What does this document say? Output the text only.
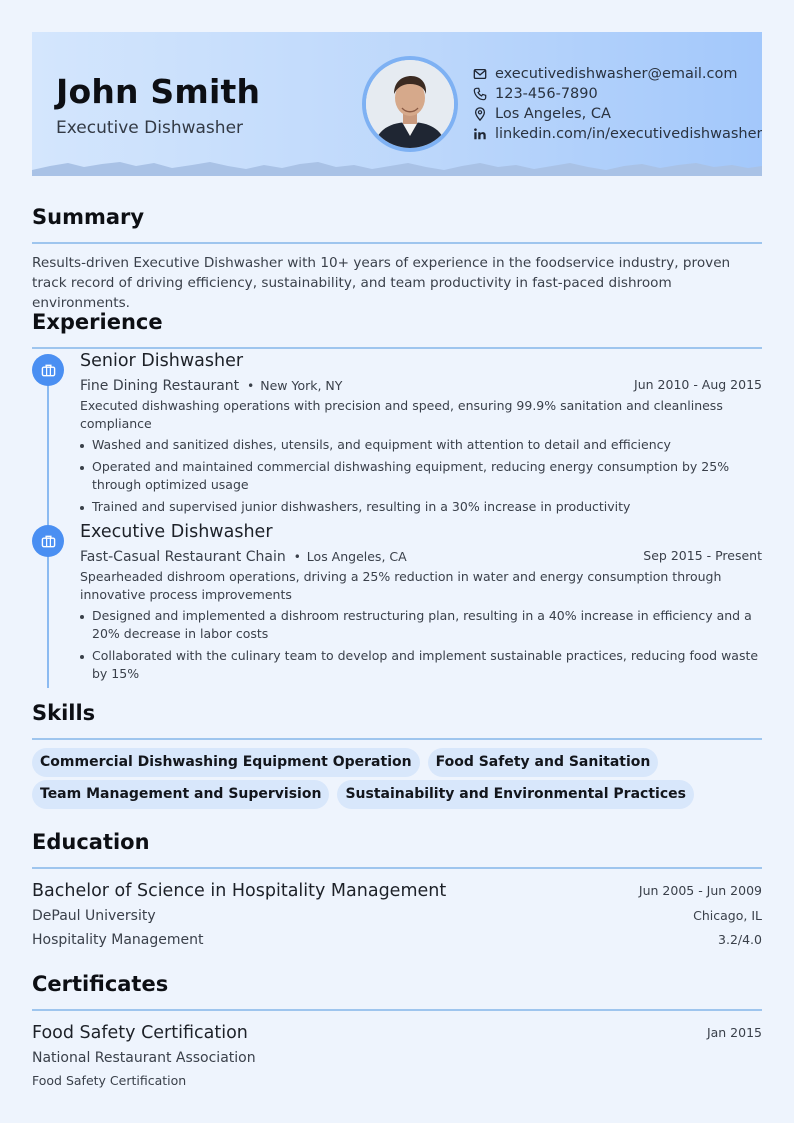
John Smith
Executive Dishwasher
executivedishwasher@email.com
123-456-7890
Los Angeles, CA
linkedin.com/in/executivedishwasher
Summary
Results-driven Executive Dishwasher with 10+ years of experience in the foodservice industry, proven track record of driving efficiency, sustainability, and team productivity in fast-paced dishroom environments.
Experience
Senior Dishwasher
Fine Dining Restaurant • New York, NY	Jun 2010 - Aug 2015
Executed dishwashing operations with precision and speed, ensuring 99.9% sanitation and cleanliness compliance
Washed and sanitized dishes, utensils, and equipment with attention to detail and efficiency
Operated and maintained commercial dishwashing equipment, reducing energy consumption by 25% through optimized usage
Trained and supervised junior dishwashers, resulting in a 30% increase in productivity
Executive Dishwasher
Fast-Casual Restaurant Chain • Los Angeles, CA	Sep 2015 - Present
Spearheaded dishroom operations, driving a 25% reduction in water and energy consumption through innovative process improvements
Designed and implemented a dishroom restructuring plan, resulting in a 40% increase in efficiency and a 20% decrease in labor costs
Collaborated with the culinary team to develop and implement sustainable practices, reducing food waste by 15%
Skills
Commercial Dishwashing Equipment Operation	Food Safety and Sanitation
Team Management and Supervision	Sustainability and Environmental Practices
Education
Bachelor of Science in Hospitality Management	Jun 2005 - Jun 2009
DePaul University	Chicago, IL
Hospitality Management	3.2/4.0
Certificates
Food Safety Certification	Jan 2015
National Restaurant Association
Food Safety Certification
